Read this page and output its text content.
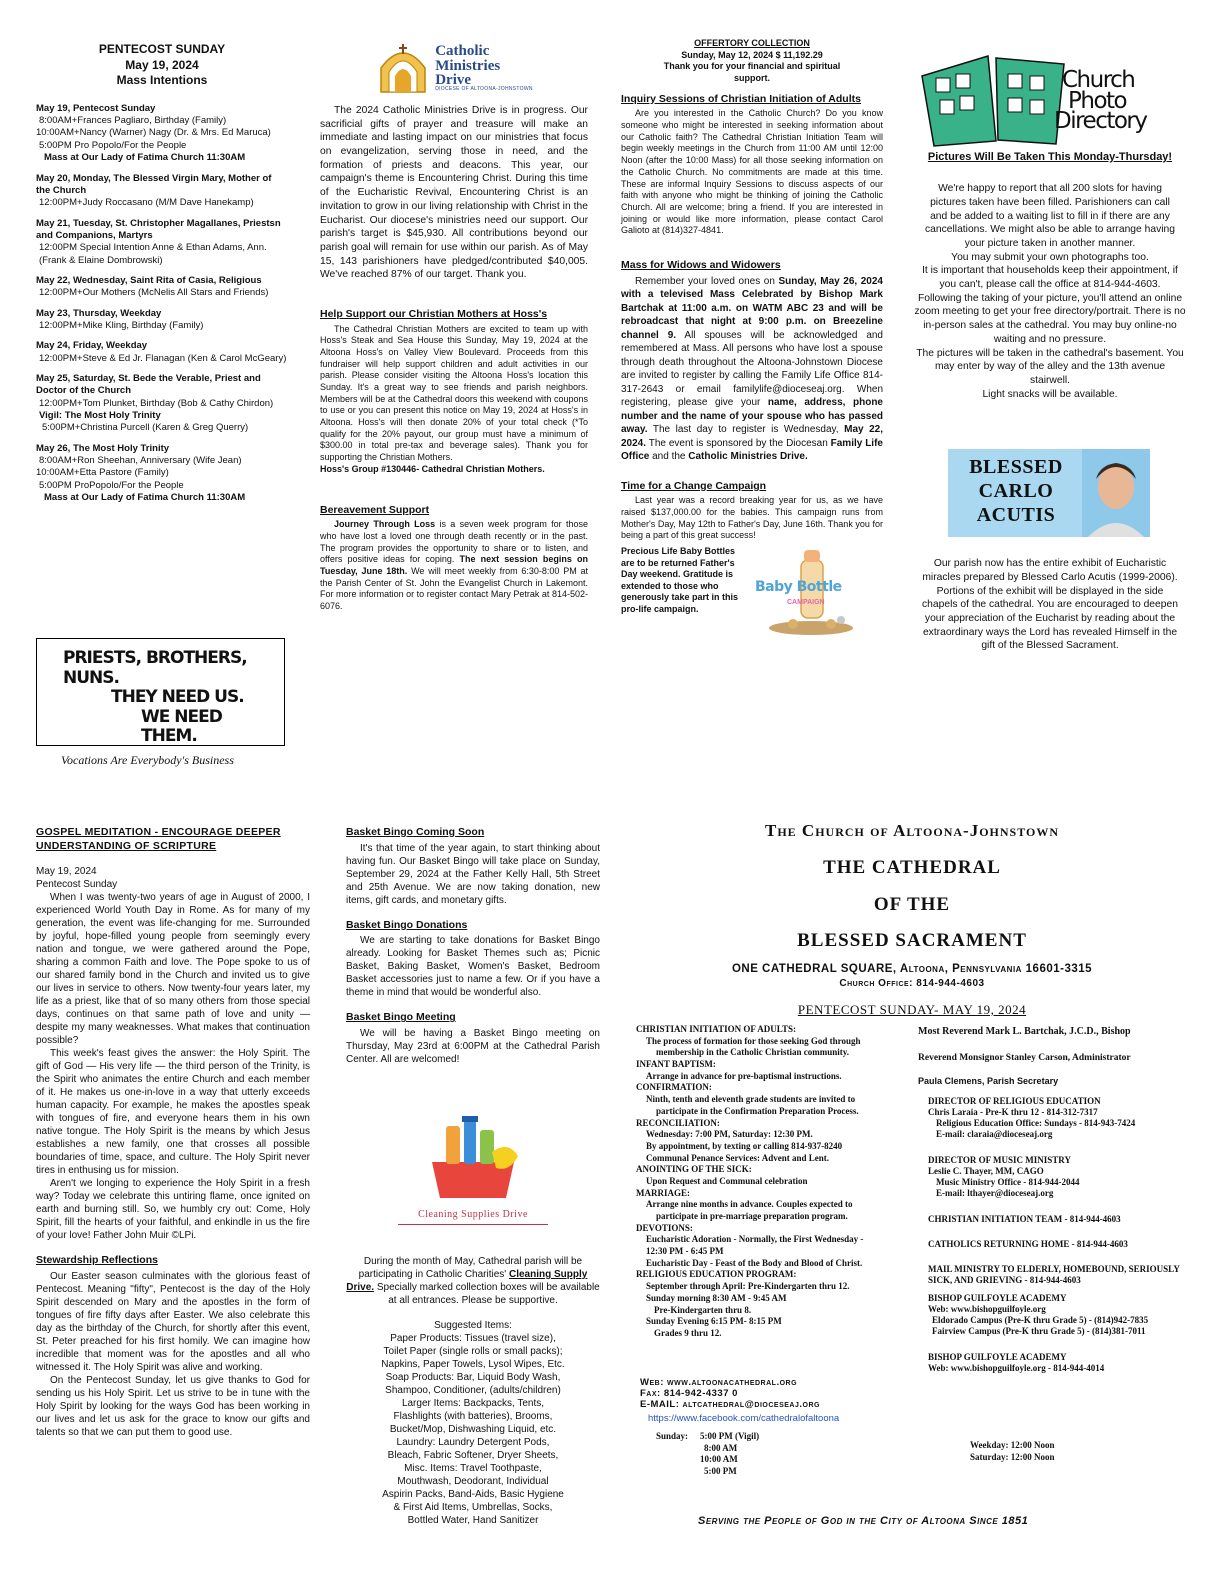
PENTECOST SUNDAY
May 19, 2024
Mass Intentions
May 19, Pentecost Sunday
8:00AM+Frances Pagliaro, Birthday (Family)
10:00AM+Nancy (Warner) Nagy (Dr. & Mrs. Ed Maruca)
5:00PM Pro Popolo/For the People
Mass at Our Lady of Fatima Church 11:30AM
May 20, Monday, The Blessed Virgin Mary, Mother of the Church
12:00PM+Judy Roccasano (M/M Dave Hanekamp)
May 21, Tuesday, St. Christopher Magallanes, Priestsn and Companions, Martyrs
12:00PM Special Intention Anne & Ethan Adams, Ann. (Frank & Elaine Dombrowski)
May 22, Wednesday, Saint Rita of Casia, Religious
12:00PM+Our Mothers (McNelis All Stars and Friends)
May 23, Thursday, Weekday
12:00PM+Mike Kling, Birthday (Family)
May 24, Friday, Weekday
12:00PM+Steve & Ed Jr. Flanagan (Ken & Carol McGeary)
May 25, Saturday, St. Bede the Verable, Priest and Doctor of the Church
12:00PM+Tom Plunket, Birthday (Bob & Cathy Chirdon)
Vigil: The Most Holy Trinity
5:00PM+Christina Purcell (Karen & Greg Querry)
May 26, The Most Holy Trinity
8:00AM+Ron Sheehan, Anniversary (Wife Jean)
10:00AM+Etta Pastore (Family)
5:00PM ProPopolo/For the People
Mass at Our Lady of Fatima Church 11:30AM
PRIESTS, BROTHERS, NUNS.
THEY NEED US.
WE NEED THEM.
Vocations Are Everybody's Business
Catholic
Ministries
Drive
DIOCESE OF ALTOONA-JOHNSTOWN
The 2024 Catholic Ministries Drive is in progress. Our sacrificial gifts of prayer and treasure will make an immediate and lasting impact on our ministries that focus on evangelization, serving those in need, and the formation of priests and deacons. This year, our campaign's theme is Encountering Christ. During this time of the Eucharistic Revival, Encountering Christ is an invitation to grow in our living relationship with Christ in the Eucharist. Our diocese's ministries need our support. Our parish's target is $45,930. All contributions beyond our parish goal will remain for use within our parish. As of May 15, 143 parishioners have pledged/contributed $40,005. We've reached 87% of our target. Thank you.
Help Support our Christian Mothers at Hoss's
The Cathedral Christian Mothers are excited to team up with Hoss's Steak and Sea House this Sunday, May 19, 2024 at the Altoona Hoss's on Valley View Boulevard. Proceeds from this fundraiser will help support children and adult activities in our parish. Please consider visiting the Altoona Hoss's location this Sunday. It's a great way to see friends and parish neighbors. Members will be at the Cathedral doors this weekend with coupons to use or you can present this notice on May 19, 2024 at Hoss's in Altoona. Hoss's will then donate 20% of your total check (*To qualify for the 20% payout, our group must have a minimum of $300.00 in total pre-tax and beverage sales). Thank you for supporting the Christian Mothers.
Hoss's Group #130446- Cathedral Christian Mothers.
Bereavement Support
Journey Through Loss is a seven week program for those who have lost a loved one through death recently or in the past. The program provides the opportunity to share or to listen, and offers positive ideas for coping. The next session begins on Tuesday, June 18th. We will meet weekly from 6:30-8:00 PM at the Parish Center of St. John the Evangelist Church in Lakemont. For more information or to register contact Mary Petrak at 814-502-6076.
OFFERTORY COLLECTION
Sunday, May 12, 2024 $ 11,192.29
Thank you for your financial and spiritual support.
Inquiry Sessions of Christian Initiation of Adults
Are you interested in the Catholic Church? Do you know someone who might be interested in seeking information about our Catholic faith? The Cathedral Christian Initiation Team will begin weekly meetings in the Church from 11:00 AM until 12:00 Noon (after the 10:00 Mass) for all those seeking information on the Catholic Church. No commitments are made at this time. These are informal Inquiry Sessions to discuss aspects of our faith with anyone who might be thinking of joining the Catholic Church. All are welcome; bring a friend. If you are interested in joining or would like more information, please contact Carol Galioto at (814)327-4841.
Mass for Widows and Widowers
Remember your loved ones on Sunday, May 26, 2024 with a televised Mass Celebrated by Bishop Mark Bartchak at 11:00 a.m. on WATM ABC 23 and will be rebroadcast that night at 9:00 p.m. on Breezeline channel 9. All spouses will be acknowledged and remembered at Mass. All persons who have lost a spouse through death throughout the Altoona-Johnstown Diocese are invited to register by calling the Family Life Office 814-317-2643 or email familylife@dioceseaj.org. When registering, please give your name, address, phone number and the name of your spouse who has passed away. The last day to register is Wednesday, May 22, 2024. The event is sponsored by the Diocesan Family Life Office and the Catholic Ministries Drive.
Time for a Change Campaign
Last year was a record breaking year for us, as we have raised $137,000.00 for the babies. This campaign runs from Mother's Day, May 12th to Father's Day, June 16th. Thank you for being a part of this great success!
Precious Life Baby Bottles are to be returned Father's Day weekend. Gratitude is extended to those who generously take part in this pro-life campaign.
Baby Bottle
CAMPAIGN
Church
Photo
Directory
Pictures Will Be Taken This Monday-Thursday!
We're happy to report that all 200 slots for having pictures taken have been filled. Parishioners can call and be added to a waiting list to fill in if there are any cancellations. We might also be able to arrange having your picture taken in another manner.
You may submit your own photographs too.
It is important that households keep their appointment, if you can't, please call the office at 814-944-4603.
Following the taking of your picture, you'll attend an online zoom meeting to get your free directory/portrait. There is no in-person sales at the cathedral. You may buy online-no waiting and no pressure.
The pictures will be taken in the cathedral's basement. You may enter by way of the alley and the 13th avenue stairwell.
Light snacks will be available.
BLESSED
CARLO
ACUTIS
Our parish now has the entire exhibit of Eucharistic miracles prepared by Blessed Carlo Acutis (1999-2006). Portions of the exhibit will be displayed in the side chapels of the cathedral. You are encouraged to deepen your appreciation of the Eucharist by reading about the extraordinary ways the Lord has revealed Himself in the gift of the Blessed Sacrament.
GOSPEL MEDITATION - ENCOURAGE DEEPER UNDERSTANDING OF SCRIPTURE
May 19, 2024
Pentecost Sunday
When I was twenty-two years of age in August of 2000, I experienced World Youth Day in Rome. As for many of my generation, the event was life-changing for me. Surrounded by joyful, hope-filled young people from seemingly every nation and tongue, we were gathered around the Pope, sharing a common Faith and love. The Pope spoke to us of our shared family bond in the Church and invited us to give our lives in service to others. Now twenty-four years later, my life as a priest, like that of so many others from those special days, continues on that same path of love and unity — despite my many weaknesses. What makes that continuation possible?
This week's feast gives the answer: the Holy Spirit. The gift of God — His very life — the third person of the Trinity, is the Spirit who animates the entire Church and each member of it. He makes us one-in-love in a way that utterly exceeds human capacity. For example, he makes the apostles speak with tongues of fire, and everyone hears them in his own native tongue. The Holy Spirit is the means by which Jesus establishes a new family, one that crosses all possible boundaries of time, space, and culture. The Holy Spirit never tires in enthusing us for mission.
Aren't we longing to experience the Holy Spirit in a fresh way? Today we celebrate this untiring flame, once ignited on earth and burning still. So, we humbly cry out: Come, Holy Spirit, fill the hearts of your faithful, and enkindle in us the fire of your love! Father John Muir ©LPi.
Stewardship Reflections
Our Easter season culminates with the glorious feast of Pentecost. Meaning "fifty", Pentecost is the day of the Holy Spirit descended on Mary and the apostles in the form of tongues of fire fifty days after Easter. We also celebrate this day as the birthday of the Church, for shortly after this event, St. Peter preached for his first homily. We can imagine how incredible that moment was for the apostles and all who witnessed it. The Holy Spirit was alive and working.
On the Pentecost Sunday, let us give thanks to God for sending us his Holy Spirit. Let us strive to be in tune with the Holy Spirit by looking for the ways God has been working in our lives and let us ask for the grace to know our gifts and talents so that we can put them to good use.
Basket Bingo Coming Soon
It's that time of the year again, to start thinking about having fun. Our Basket Bingo will take place on Sunday, September 29, 2024 at the Father Kelly Hall, 5th Street and 25th Avenue. We are now taking donation, new items, gift cards, and monetary gifts.
Basket Bingo Donations
We are starting to take donations for Basket Bingo already. Looking for Basket Themes such as; Picnic Basket, Baking Basket, Women's Basket, Bedroom Basket accessories just to name a few. Or if you have a theme in mind that would be wonderful also.
Basket Bingo Meeting
We will be having a Basket Bingo meeting on Thursday, May 23rd at 6:00PM at the Cathedral Parish Center. All are welcomed!
Cleaning Supplies Drive
During the month of May, Cathedral parish will be participating in Catholic Charities' Cleaning Supply Drive. Specially marked collection boxes will be available at all entrances. Please be supportive.
Suggested Items:
Paper Products: Tissues (travel size),
Toilet Paper (single rolls or small packs);
Napkins, Paper Towels, Lysol Wipes, Etc.
Soap Products: Bar, Liquid Body Wash,
Shampoo, Conditioner, (adults/children)
Larger Items: Backpacks, Tents,
Flashlights (with batteries), Brooms,
Bucket/Mop, Dishwashing Liquid, etc.
Laundry: Laundry Detergent Pods,
Bleach, Fabric Softener, Dryer Sheets,
Misc. Items: Travel Toothpaste,
Mouthwash, Deodorant, Individual
Aspirin Packs, Band-Aids, Basic Hygiene
& First Aid Items, Umbrellas, Socks,
Bottled Water, Hand Sanitizer
The Church of Altoona-Johnstown
THE CATHEDRAL
OF THE
BLESSED SACRAMENT
ONE CATHEDRAL SQUARE, Altoona, Pennsylvania 16601-3315
Church Office: 814-944-4603
PENTECOST SUNDAY- MAY 19, 2024
CHRISTIAN INITIATION OF ADULTS:
The process of formation for those seeking God through
membership in the Catholic Christian community.
INFANT BAPTISM:
Arrange in advance for pre-baptismal instructions.
CONFIRMATION:
Ninth, tenth and eleventh grade students are invited to
participate in the Confirmation Preparation Process.
RECONCILIATION:
Wednesday: 7:00 PM, Saturday: 12:30 PM.
By appointment, by texting or calling 814-937-8240
Communal Penance Services: Advent and Lent.
ANOINTING OF THE SICK:
Upon Request and Communal celebration
MARRIAGE:
Arrange nine months in advance. Couples expected to
participate in pre-marriage preparation program.
DEVOTIONS:
Eucharistic Adoration - Normally, the First Wednesday -
12:30 PM - 6:45 PM
Eucharistic Day - Feast of the Body and Blood of Christ.
RELIGIOUS EDUCATION PROGRAM:
September through April: Pre-Kindergarten thru 12.
Sunday morning 8:30 AM - 9:45 AM
Pre-Kindergarten thru 8.
Sunday Evening 6:15 PM- 8:15 PM
Grades 9 thru 12.
Web: www.altoonacathedral.org
Fax: 814-942-4337 0
E-MAIL: altcathedral@dioceseaj.org
https://www.facebook.com/cathedralofaltoona
Sunday:	5:00 PM (Vigil)
8:00 AM
10:00 AM
5:00 PM
Weekday: 12:00 Noon
Saturday: 12:00 Noon
Most Reverend Mark L. Bartchak, J.C.D., Bishop
Reverend Monsignor Stanley Carson, Administrator
Paula Clemens, Parish Secretary
DIRECTOR OF RELIGIOUS EDUCATION
Chris Laraia - Pre-K thru 12 - 814-312-7317
Religious Education Office: Sundays - 814-943-7424
E-mail: claraia@dioceseaj.org
DIRECTOR OF MUSIC MINISTRY
Leslie C. Thayer, MM, CAGO
Music Ministry Office - 814-944-2044
E-mail: lthayer@dioceseaj.org
CHRISTIAN INITIATION TEAM - 814-944-4603
CATHOLICS RETURNING HOME - 814-944-4603
MAIL MINISTRY TO ELDERLY, HOMEBOUND, SERIOUSLY SICK, AND GRIEVING - 814-944-4603
BISHOP GUILFOYLE ACADEMY
Web: www.bishopguilfoyle.org
Eldorado Campus (Pre-K thru Grade 5) - (814)942-7835
Fairview Campus (Pre-K thru Grade 5) - (814)381-7011
BISHOP GUILFOYLE ACADEMY
Web: www.bishopguilfoyle.org - 814-944-4014
Serving the People of God in the City of Altoona Since 1851
